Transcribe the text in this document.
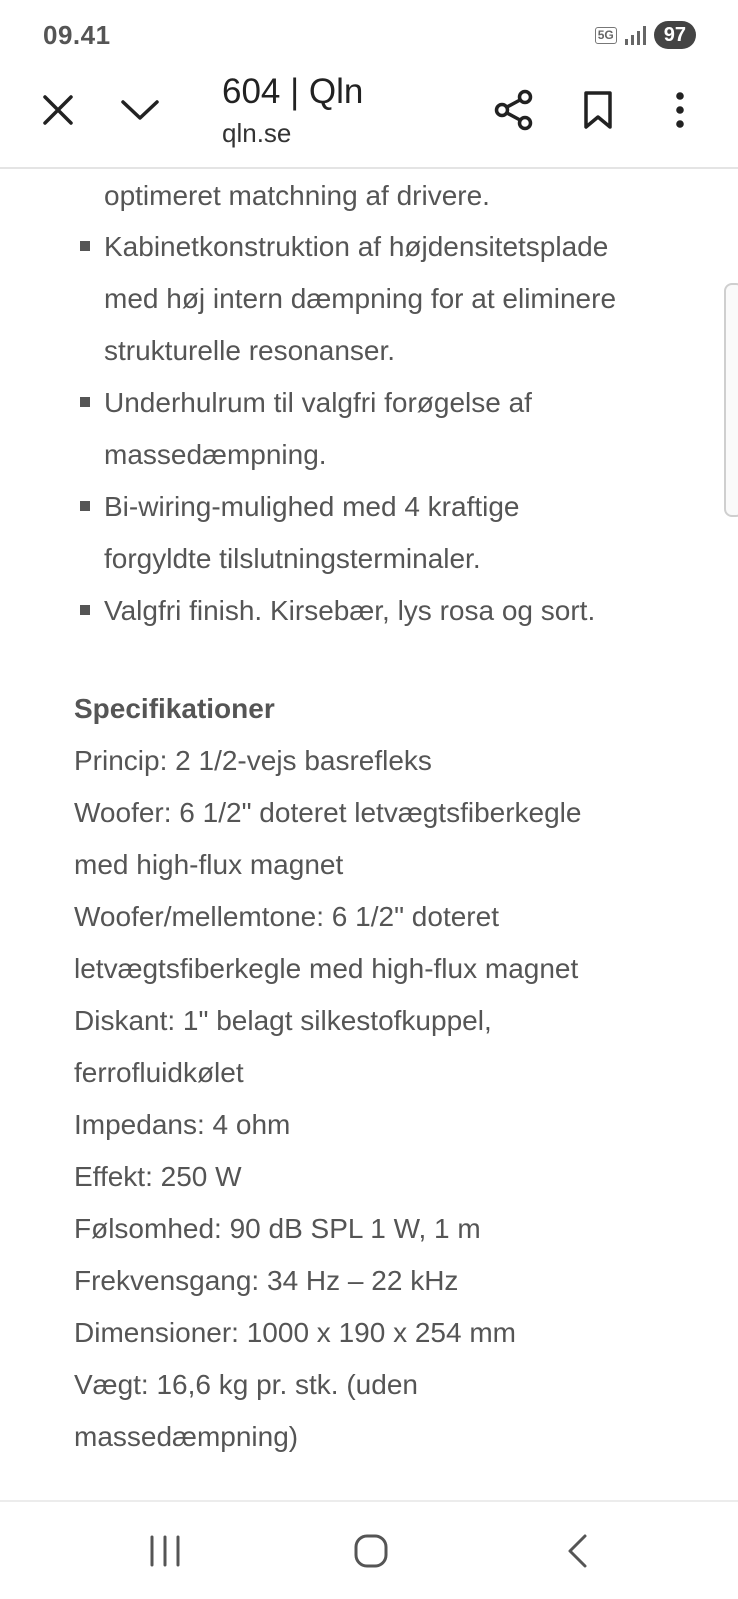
09.41	5G	97
604 | Qln
qln.se
optimeret matchning af drivere.
Kabinetkonstruktion af højdensitetsplade
med høj intern dæmpning for at eliminere
strukturelle resonanser.
Underhulrum til valgfri forøgelse af
massedæmpning.
Bi-wiring-mulighed med 4 kraftige
forgyldte tilslutningsterminaler.
Valgfri finish. Kirsebær, lys rosa og sort.
Specifikationer
Princip: 2 1/2-vejs basrefleks
Woofer: 6 1/2" doteret letvægtsfiberkegle
med high-flux magnet
Woofer/mellemtone: 6 1/2" doteret
letvægtsfiberkegle med high-flux magnet
Diskant: 1" belagt silkestofkuppel,
ferrofluidkølet
Impedans: 4 ohm
Effekt: 250 W
Følsomhed: 90 dB SPL 1 W, 1 m
Frekvensgang: 34 Hz – 22 kHz
Dimensioner: 1000 x 190 x 254 mm
Vægt: 16,6 kg pr. stk. (uden
massedæmpning)
